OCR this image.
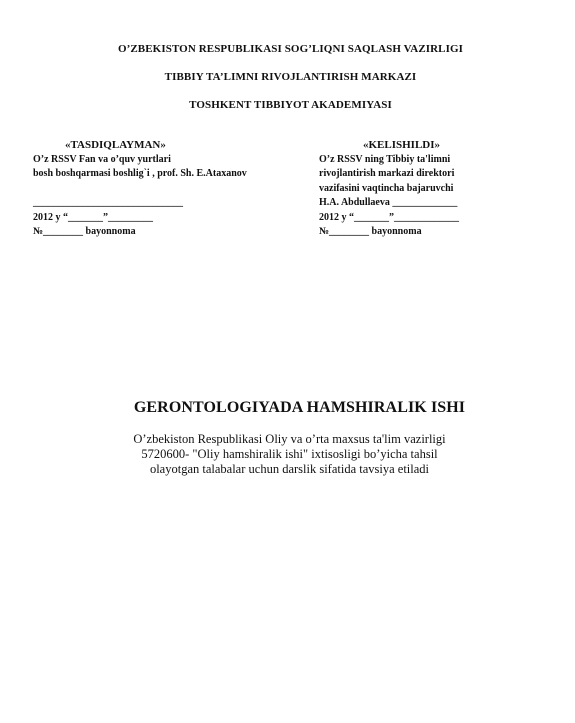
O’ZBEKISTON RESPUBLIKASI SOG’LIQNI SAQLASH VAZIRLIGI
TIBBIY TA’LIMNI RIVOJLANTIRISH MARKAZI
TOSHKENT TIBBIYOT AKADEMIYASI
«TASDIQLAYMAN»
O’z RSSV Fan va o’quv yurtlari
bosh boshqarmasi boshlig`i , prof. Sh. E.Ataxanov
______________________________
2012 y “_______”_________
№________ bayonnoma
«KELISHILDI»
O’z RSSV ning Tibbiy ta'limni
rivojlantirish markazi direktori
vazifasini vaqtincha bajaruvchi
H.A. Abdullaeva _____________
2012 y “_______”_____________
№________ bayonnoma
GERONTOLOGIYADA HAMSHIRALIK ISHI
O’zbekiston Respublikasi Oliy va o’rta maxsus ta'lim vazirligi
5720600- "Oliy hamshiralik ishi" ixtisosligi bo’yicha tahsil
olayotgan talabalar uchun darslik sifatida tavsiya etiladi
